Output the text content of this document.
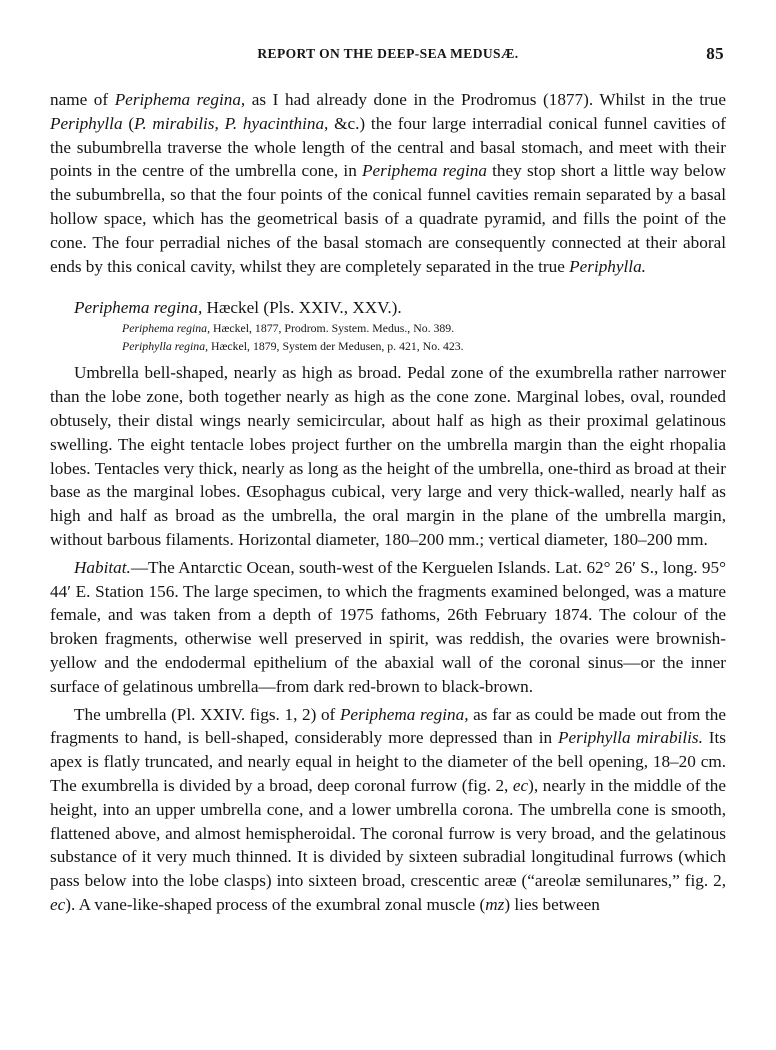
REPORT ON THE DEEP-SEA MEDUSÆ.	85

name of Periphema regina, as I had already done in the Prodromus (1877). Whilst in the true Periphylla (P. mirabilis, P. hyacinthina, &c.) the four large interradial conical funnel cavities of the subumbrella traverse the whole length of the central and basal stomach, and meet with their points in the centre of the umbrella cone, in Periphema regina they stop short a little way below the subumbrella, so that the four points of the conical funnel cavities remain separated by a basal hollow space, which has the geometrical basis of a quadrate pyramid, and fills the point of the cone. The four perradial niches of the basal stomach are consequently connected at their aboral ends by this conical cavity, whilst they are completely separated in the true Periphylla.

Periphema regina, Hæckel (Pls. XXIV., XXV.).
Periphema regina, Hæckel, 1877, Prodrom. System. Medus., No. 389.
Periphylla regina, Hæckel, 1879, System der Medusen, p. 421, No. 423.

Umbrella bell-shaped, nearly as high as broad. Pedal zone of the exumbrella rather narrower than the lobe zone, both together nearly as high as the cone zone. Marginal lobes, oval, rounded obtusely, their distal wings nearly semicircular, about half as high as their proximal gelatinous swelling. The eight tentacle lobes project further on the umbrella margin than the eight rhopalia lobes. Tentacles very thick, nearly as long as the height of the umbrella, one-third as broad at their base as the marginal lobes. Œsophagus cubical, very large and very thick-walled, nearly half as high and half as broad as the umbrella, the oral margin in the plane of the umbrella margin, without barbous filaments. Horizontal diameter, 180–200 mm.; vertical diameter, 180–200 mm.

Habitat.—The Antarctic Ocean, south-west of the Kerguelen Islands. Lat. 62° 26′ S., long. 95° 44′ E. Station 156. The large specimen, to which the fragments examined belonged, was a mature female, and was taken from a depth of 1975 fathoms, 26th February 1874. The colour of the broken fragments, otherwise well preserved in spirit, was reddish, the ovaries were brownish-yellow and the endodermal epithelium of the abaxial wall of the coronal sinus—or the inner surface of gelatinous umbrella—from dark red-brown to black-brown.

The umbrella (Pl. XXIV. figs. 1, 2) of Periphema regina, as far as could be made out from the fragments to hand, is bell-shaped, considerably more depressed than in Periphylla mirabilis. Its apex is flatly truncated, and nearly equal in height to the diameter of the bell opening, 18–20 cm. The exumbrella is divided by a broad, deep coronal furrow (fig. 2, ec), nearly in the middle of the height, into an upper umbrella cone, and a lower umbrella corona. The umbrella cone is smooth, flattened above, and almost hemispheroidal. The coronal furrow is very broad, and the gelatinous substance of it very much thinned. It is divided by sixteen subradial longitudinal furrows (which pass below into the lobe clasps) into sixteen broad, crescentic areæ (“areolæ semilunares,” fig. 2, ec). A vane-like-shaped process of the exumbral zonal muscle (mz) lies between
